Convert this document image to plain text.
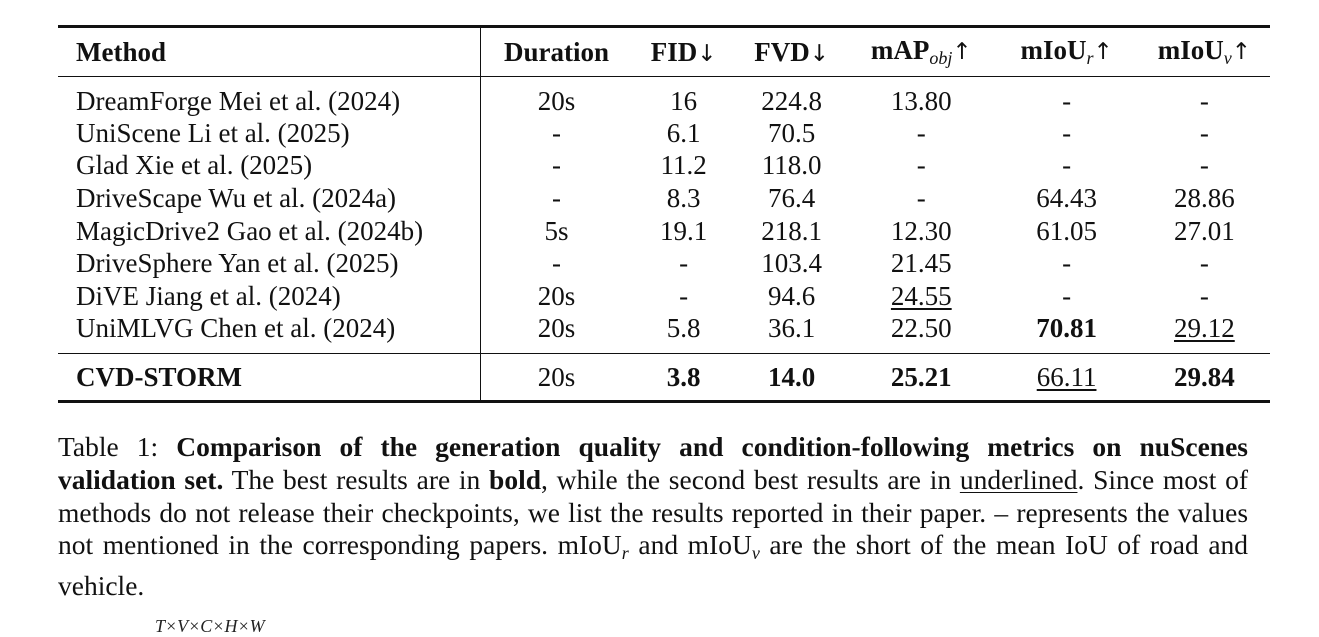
Method	Duration	FID↓	FVD↓	mAP$_{obj}$↑	mIoU$_r$↑	mIoU$_v$↑
DreamForge Mei et al. (2024)	20s	16	224.8	13.80	-	-
UniScene Li et al. (2025)	-	6.1	70.5	-	-	-
Glad Xie et al. (2025)	-	11.2	118.0	-	-	-
DriveScape Wu et al. (2024a)	-	8.3	76.4	-	64.43	28.86
MagicDrive2 Gao et al. (2024b)	5s	19.1	218.1	12.30	61.05	27.01
DriveSphere Yan et al. (2025)	-	-	103.4	21.45	-	-
DiVE Jiang et al. (2024)	20s	-	94.6	24.55	-	-
UniMLVG Chen et al. (2024)	20s	5.8	36.1	22.50	70.81	29.12
CVD-STORM	20s	3.8	14.0	25.21	66.11	29.84

Table 1: Comparison of the generation quality and condition-following metrics on nuScenes validation set. The best results are in bold, while the second best results are in underlined. Since most of methods do not release their checkpoints, we list the results reported in their paper. – represents the values not mentioned in the corresponding papers. mIoUr and mIoUv are the short of the mean IoU of road and vehicle.

T×V×C×H×W
